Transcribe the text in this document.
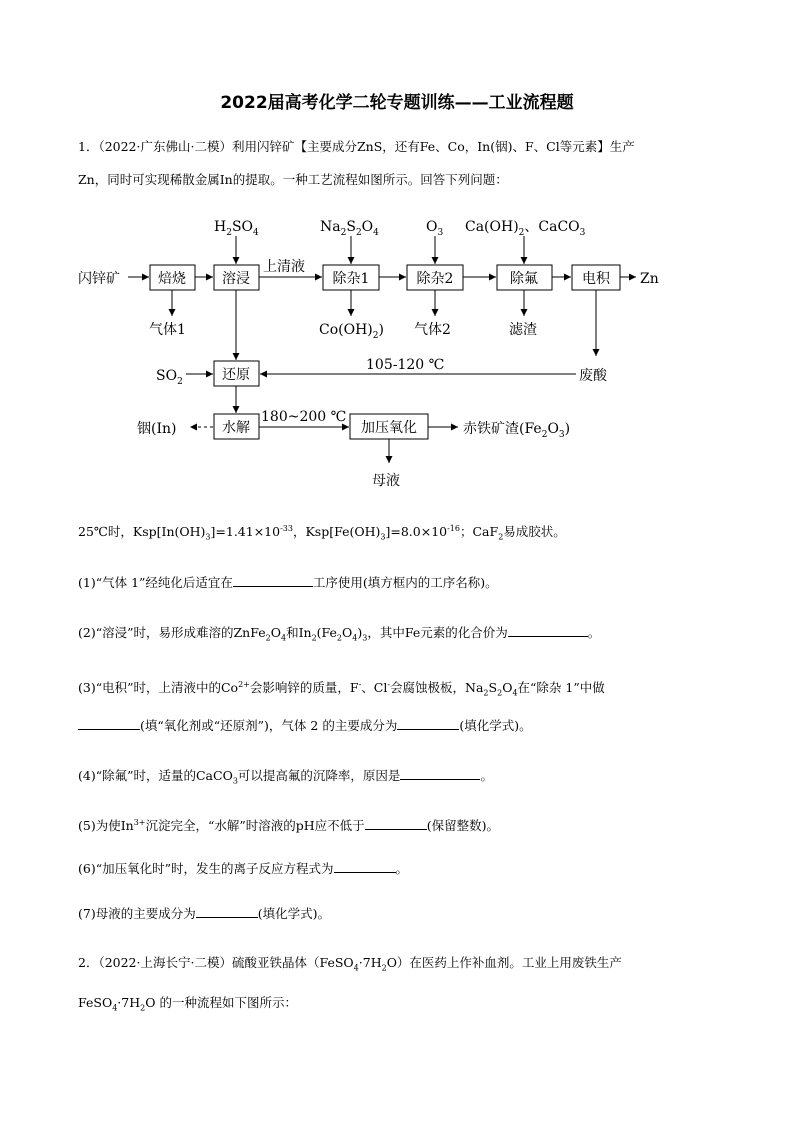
2022届高考化学二轮专题训练——工业流程题
1．（2022·广东佛山·二模）利用闪锌矿【主要成分ZnS，还有Fe、Co，In(铟)、F、Cl等元素】生产
Zn，同时可实现稀散金属In的提取。一种工艺流程如图所示。回答下列问题：
焙烧	溶浸	除杂1	除杂2	除氟	电积
还原
水解	加压氧化
闪锌矿	Zn
上清液
$H_2SO_4$	$Na_2S_2O_4$	$O_3$ $Ca(OH)_2$、CaCO$_3$
气体1	$Co(OH)_2$) 气体2	滤渣
$SO_2$
105-120 ℃
废酸
铟(In)
180~200 ℃
赤铁矿渣$(Fe_2O_3)$
母液
25℃时，$Ksp[In(OH)_3]=1.41\times 10^{-33}$，$Ksp[Fe(OH)_3]=8.0\times 10^{-16}$；CaF$_2$易成胶状。
(1)“气体 1”经纯化后适宜在	工序使用(填方框内的工序名称)。
(2)“溶浸”时，易形成难溶的$ZnFe_2O_4$和$In_2(Fe_2O_4)_3$，其中Fe元素的化合价为	。
(3)“电积”时，上清液中的$Co^{2+}$会影响锌的质量，F-、Cl-会腐蚀极板，$Na_2S_2O_4$在“除杂 1”中做
(填“氧化剂或“还原剂”)，气体 2 的主要成分为	(填化学式)。
(4)“除氟”时，适量的CaCO$_3$可以提高氟的沉降率，原因是	。
(5)为使$In^{3+}$沉淀完全，“水解”时溶液的pH应不低于	(保留整数)。
(6)“加压氧化时”时，发生的离子反应方程式为	。
(7)母液的主要成分为	(填化学式)。
2．（2022·上海长宁·二模）硫酸亚铁晶体$(FeSO_4\cdot 7H_2O)$在医药上作补血剂。工业上用废铁生产
$FeSO_4\cdot 7H_2O$ 的一种流程如下图所示：
